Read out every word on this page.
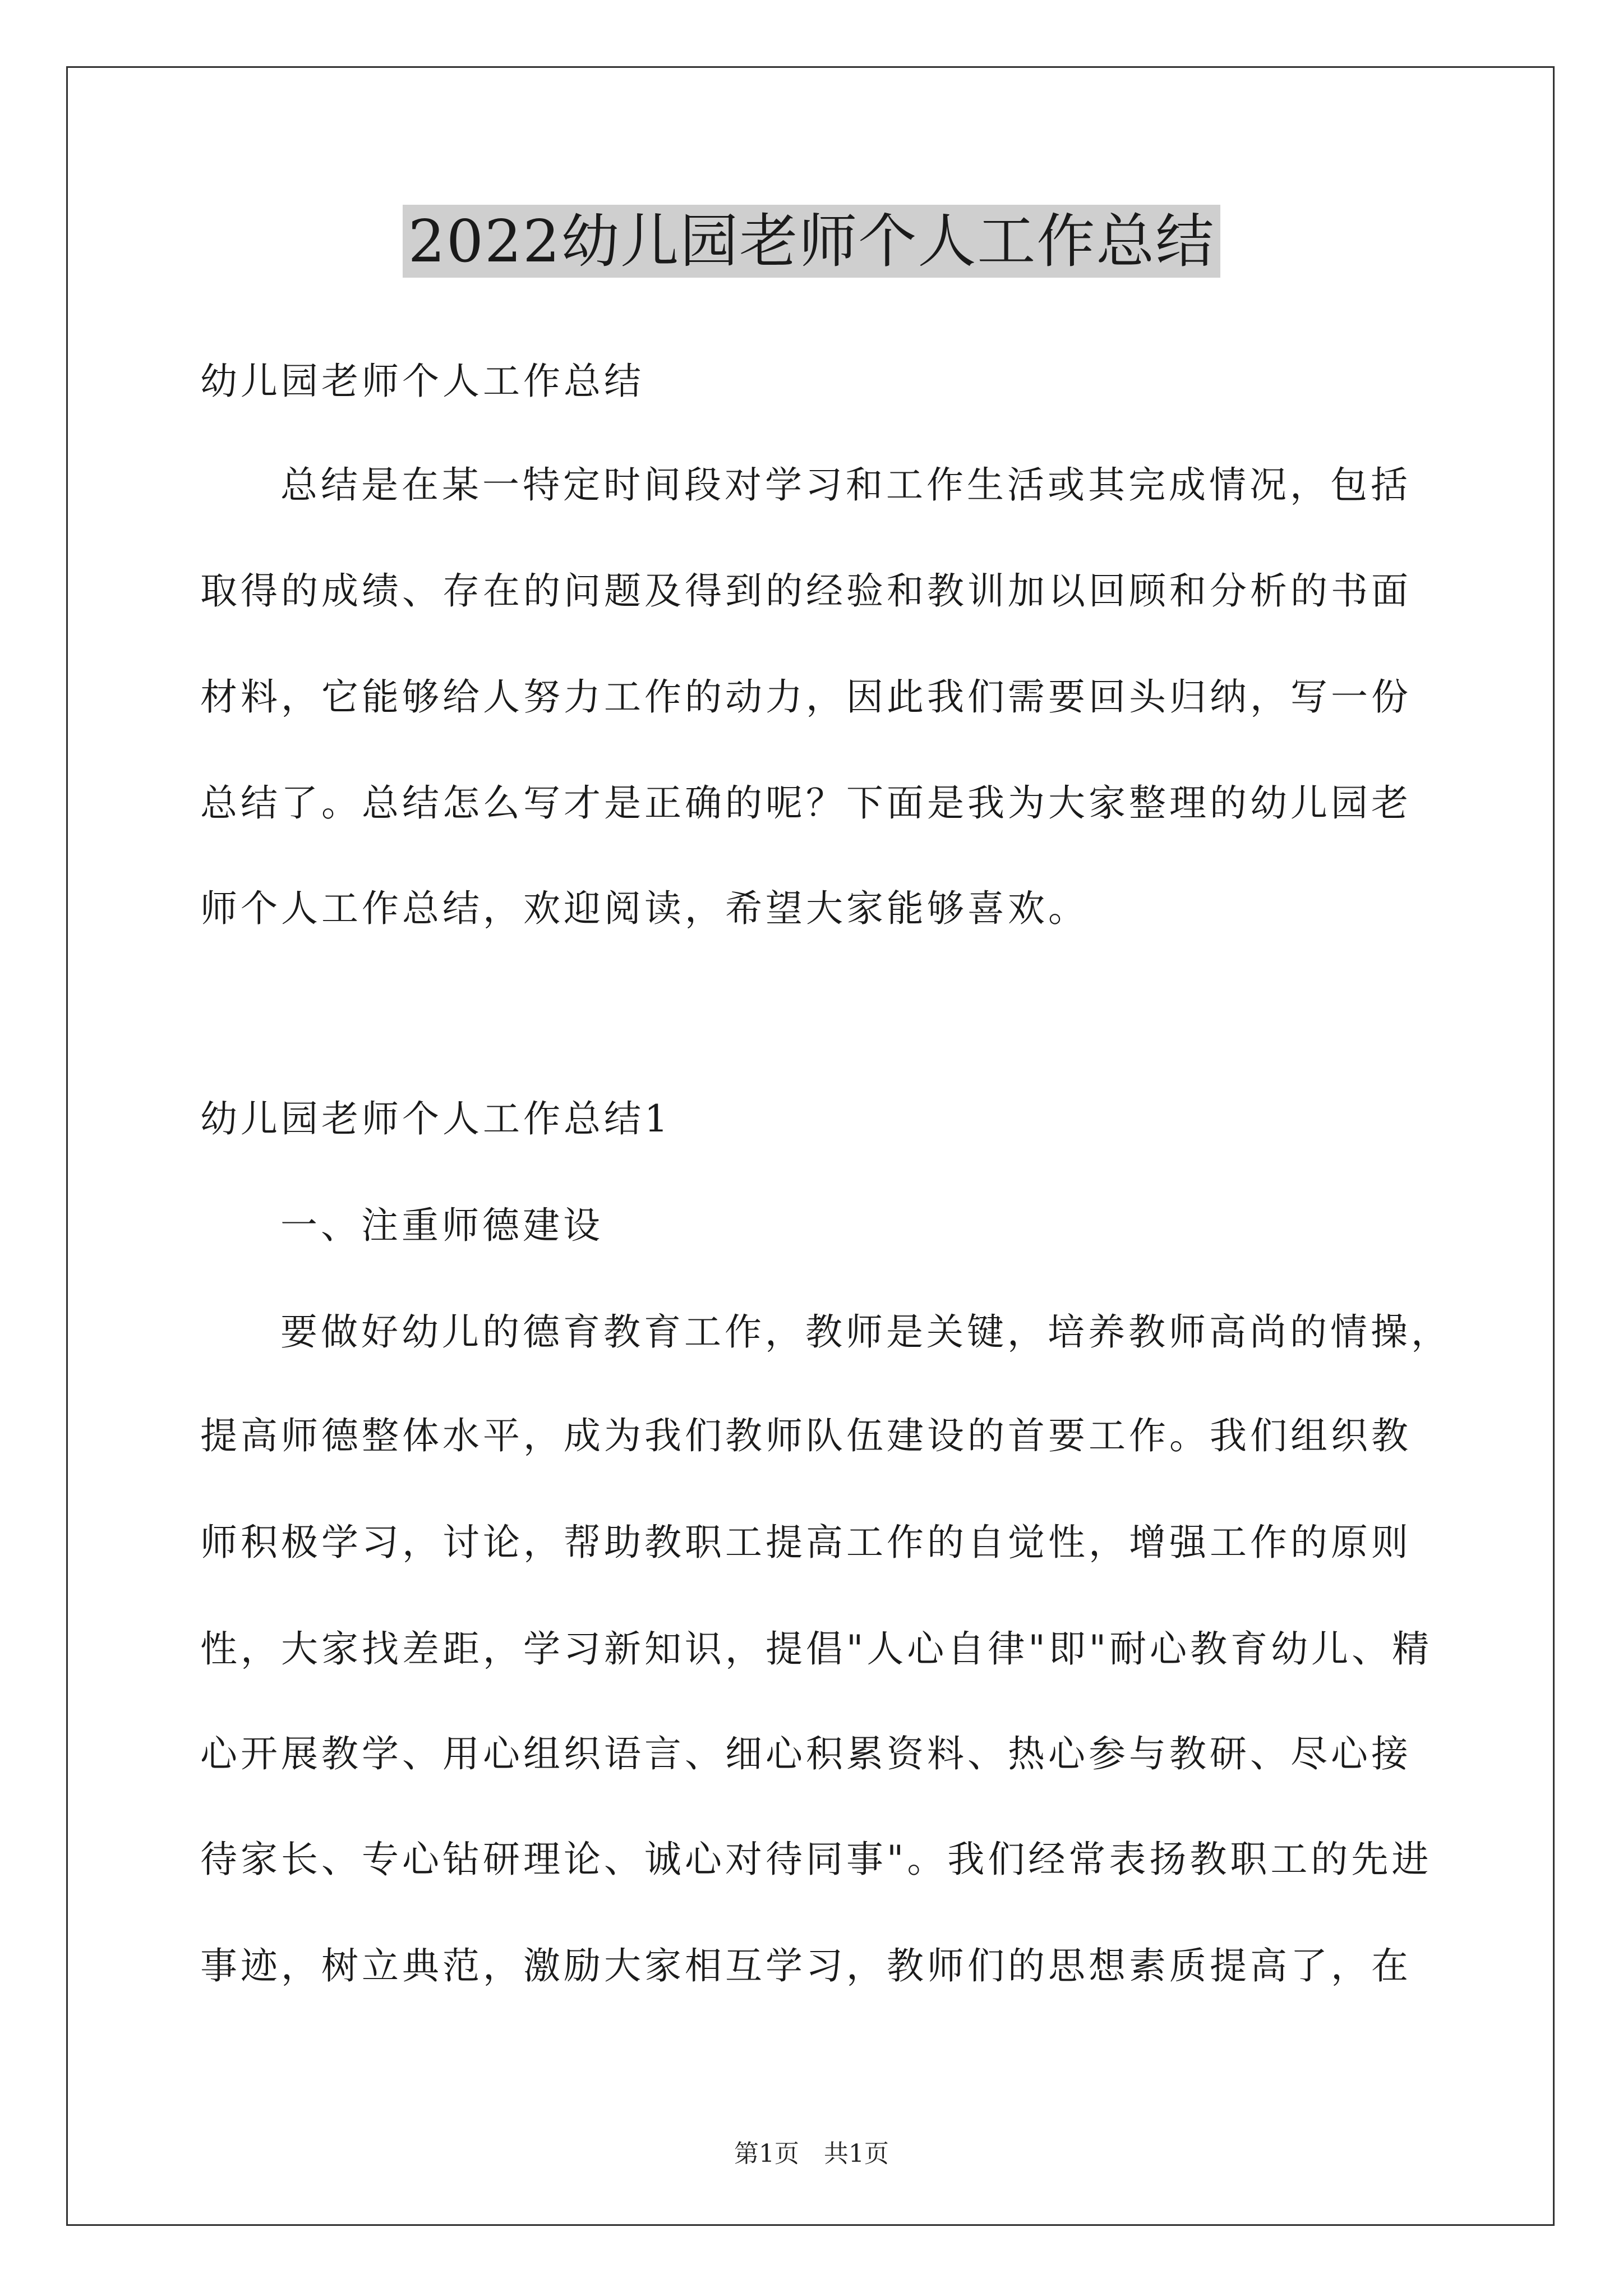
2022幼儿园老师个人工作总结
幼儿园老师个人工作总结
总结是在某一特定时间段对学习和工作生活或其完成情况，包括
取得的成绩、存在的问题及得到的经验和教训加以回顾和分析的书面
材料，它能够给人努力工作的动力，因此我们需要回头归纳，写一份
总结了。总结怎么写才是正确的呢？下面是我为大家整理的幼儿园老
师个人工作总结，欢迎阅读，希望大家能够喜欢。
幼儿园老师个人工作总结1
一、注重师德建设
要做好幼儿的德育教育工作，教师是关键，培养教师高尚的情操，
提高师德整体水平，成为我们教师队伍建设的首要工作。我们组织教
师积极学习，讨论，帮助教职工提高工作的自觉性，增强工作的原则
性，大家找差距，学习新知识，提倡"人心自律"即"耐心教育幼儿、精
心开展教学、用心组织语言、细心积累资料、热心参与教研、尽心接
待家长、专心钻研理论、诚心对待同事"。我们经常表扬教职工的先进
事迹，树立典范，激励大家相互学习，教师们的思想素质提高了，在
第1页　共1页
